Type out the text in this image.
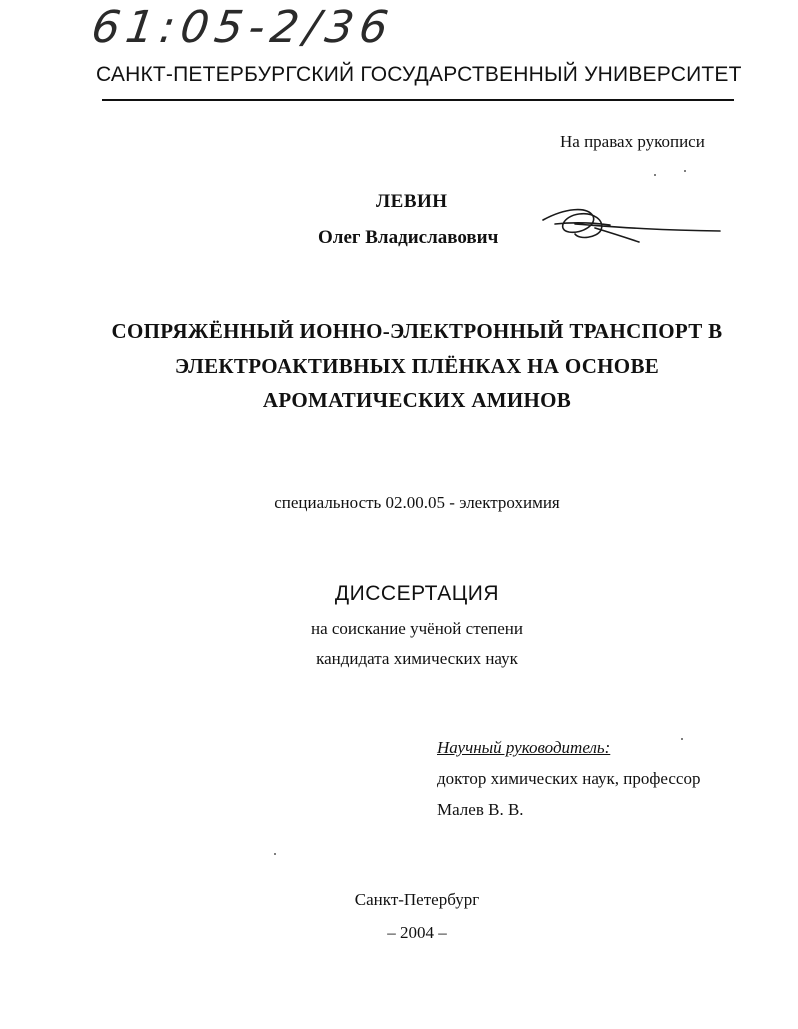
61:05-2/36
САНКТ-ПЕТЕРБУРГСКИЙ ГОСУДАРСТВЕННЫЙ УНИВЕРСИТЕТ
На правах рукописи
ЛЕВИН
Олег Владиславович
СОПРЯЖЁННЫЙ ИОННО-ЭЛЕКТРОННЫЙ ТРАНСПОРТ В
ЭЛЕКТРОАКТИВНЫХ ПЛЁНКАХ НА ОСНОВЕ
АРОМАТИЧЕСКИХ АМИНОВ
специальность 02.00.05 - электрохимия
ДИССЕРТАЦИЯ
на соискание учёной степени
кандидата химических наук
Научный руководитель:
доктор химических наук, профессор
Малев В. В.
Санкт-Петербург
– 2004 –
